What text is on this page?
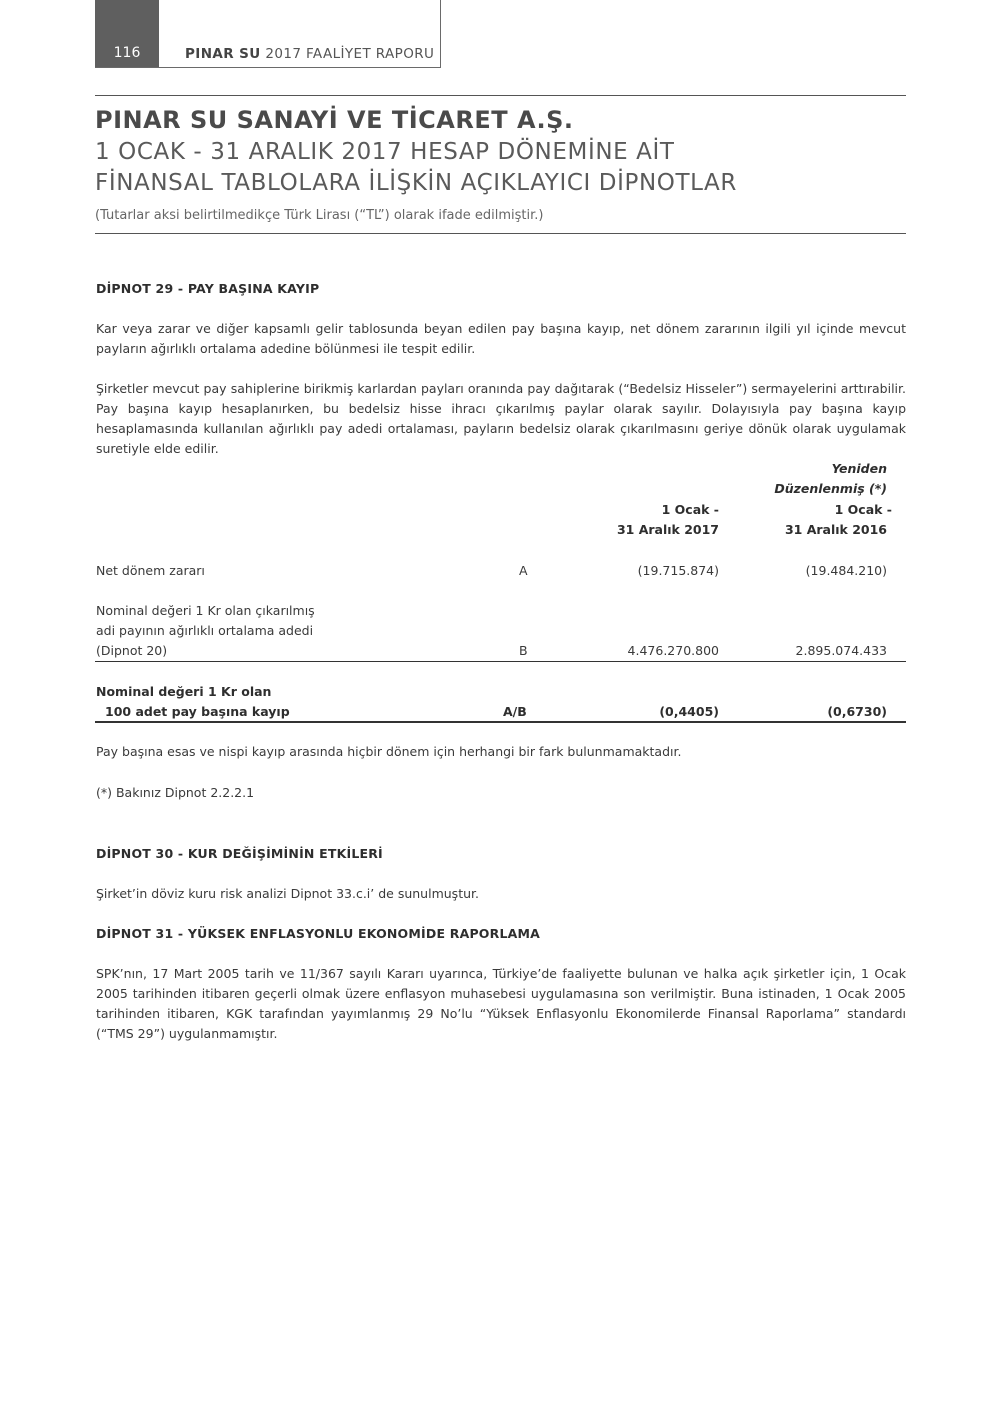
116	PINAR SU 2017 FAALİYET RAPORU
PINAR SU SANAYİ VE TİCARET A.Ş.
1 OCAK - 31 ARALIK 2017 HESAP DÖNEMİNE AİT
FİNANSAL TABLOLARA İLİŞKİN AÇIKLAYICI DİPNOTLAR
(Tutarlar aksi belirtilmedikçe Türk Lirası (“TL”) olarak ifade edilmiştir.)
DİPNOT 29 - PAY BAŞINA KAYIP

Kar veya zarar ve diğer kapsamlı gelir tablosunda beyan edilen pay başına kayıp, net dönem zararının ilgili yıl içinde mevcut payların ağırlıklı ortalama adedine bölünmesi ile tespit edilir.

Şirketler mevcut pay sahiplerine birikmiş karlardan payları oranında pay dağıtarak (“Bedelsiz Hisseler”) sermayelerini arttırabilir. Pay başına kayıp hesaplanırken, bu bedelsiz hisse ihracı çıkarılmış paylar olarak sayılır. Dolayısıyla pay başına kayıp hesaplamasında kullanılan ağırlıklı pay adedi ortalaması, payların bedelsiz olarak çıkarılmasını geriye dönük olarak uygulamak suretiyle elde edilir.

Yeniden
Düzenlenmiş (*)
1 Ocak -	1 Ocak -
31 Aralık 2017	31 Aralık 2016
Net dönem zararı	A	(19.715.874)	(19.484.210)
Nominal değeri 1 Kr olan çıkarılmış
adi payının ağırlıklı ortalama adedi
(Dipnot 20)	B	4.476.270.800	2.895.074.433
Nominal değeri 1 Kr olan
100 adet pay başına kayıp	A/B	(0,4405)	(0,6730)

Pay başına esas ve nispi kayıp arasında hiçbir dönem için herhangi bir fark bulunmamaktadır.

(*) Bakınız Dipnot 2.2.2.1

DİPNOT 30 - KUR DEĞİŞİMİNİN ETKİLERİ

Şirket’in döviz kuru risk analizi Dipnot 33.c.i’ de sunulmuştur.

DİPNOT 31 - YÜKSEK ENFLASYONLU EKONOMİDE RAPORLAMA

SPK’nın, 17 Mart 2005 tarih ve 11/367 sayılı Kararı uyarınca, Türkiye’de faaliyette bulunan ve halka açık şirketler için, 1 Ocak 2005 tarihinden itibaren geçerli olmak üzere enflasyon muhasebesi uygulamasına son verilmiştir. Buna istinaden, 1 Ocak 2005 tarihinden itibaren, KGK tarafından yayımlanmış 29 No’lu “Yüksek Enflasyonlu Ekonomilerde Finansal Raporlama” standardı (“TMS 29”) uygulanmamıştır.
